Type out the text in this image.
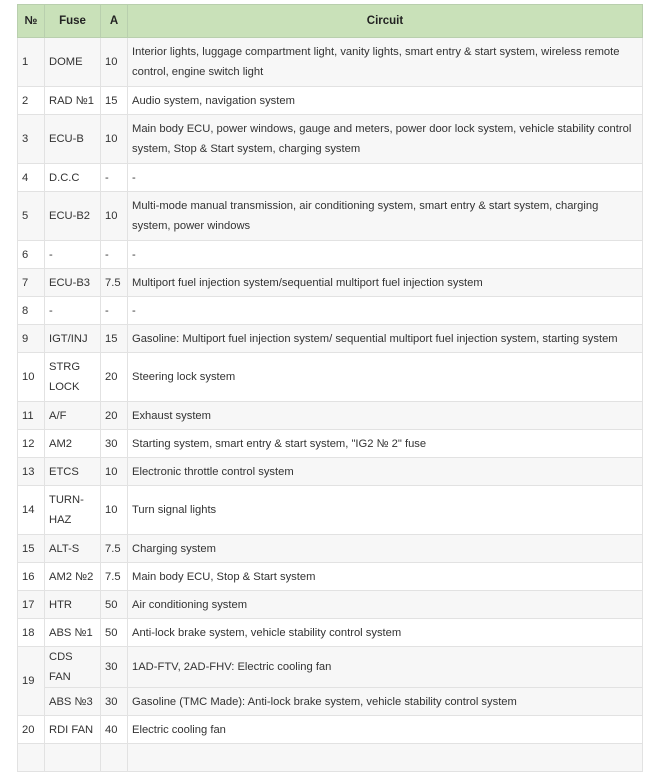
№	Fuse	A	Circuit
1	DOME	10	Interior lights, luggage compartment light, vanity lights, smart entry & start system, wireless remote control, engine switch light
2	RAD №1	15	Audio system, navigation system
3	ECU-B	10	Main body ECU, power windows, gauge and meters, power door lock system, vehicle stability control system, Stop & Start system, charging system
4	D.C.C	-	-
5	ECU-B2	10	Multi-mode manual transmission, air conditioning system, smart entry & start system, charging system, power windows
6	-	-	-
7	ECU-B3	7.5	Multiport fuel injection system/sequential multiport fuel injection system
8	-	-	-
9	IGT/INJ	15	Gasoline: Multiport fuel injection system/ sequential multiport fuel injection system, starting system
10	STRG LOCK	20	Steering lock system
11	A/F	20	Exhaust system
12	AM2	30	Starting system, smart entry & start system, "IG2 № 2" fuse
13	ETCS	10	Electronic throttle control system
14	TURN-HAZ	10	Turn signal lights
15	ALT-S	7.5	Charging system
16	AM2 №2	7.5	Main body ECU, Stop & Start system
17	HTR	50	Air conditioning system
18	ABS №1	50	Anti-lock brake system, vehicle stability control system
19	CDS FAN	30	1AD-FTV, 2AD-FHV: Electric cooling fan
	ABS №3	30	Gasoline (TMC Made): Anti-lock brake system, vehicle stability control system
20	RDI FAN	40	Electric cooling fan
